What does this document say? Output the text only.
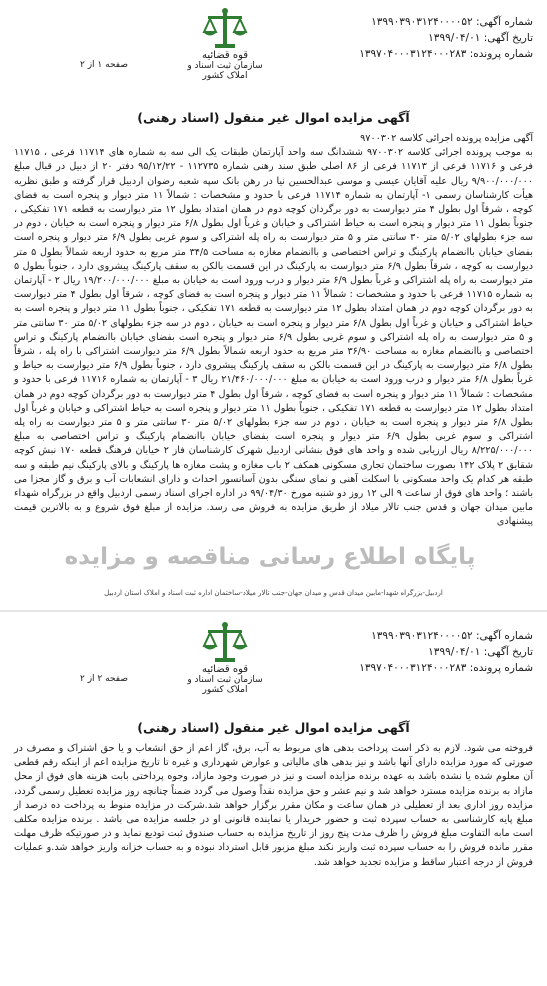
شماره آگهی: ۱۳۹۹۰۳۹۰۳۱۲۴۰۰۰۰۵۲
تاریخ آگهی: ۱۳۹۹/۰۴/۰۱
شماره پرونده: ۱۳۹۷۰۴۰۰۰۳۱۲۴۰۰۰۲۸۳
قوه قضائیه
سازمان ثبت اسناد و املاک کشور
صفحه ۱ از ۲
آگهی مزایده اموال غیر منقول (اسناد رهنی)

آگهی مزایده پرونده اجرائی کلاسه ۹۷۰۰۳۰۲

به موجب پرونده اجرائی کلاسه ۹۷۰۰۳۰۲ ششدانگ سه واحد آپارتمان طبقات یک الی سه به شماره های ۱۱۷۱۴ فرعی ، ۱۱۷۱۵ فرعی و ۱۱۷۱۶ فرعی از ۱۱۷۱۳ فرعی از ۸۶ اصلی طبق سند رهنی شماره ۱۱۲۷۳۵ - ۹۵/۱۲/۲۲ دفتر ۲۰ از دبیل در قبال مبلغ ۹/۹۰۰/۰۰۰/۰۰۰ ریال علیه آقایان عیسی و موسی عبدالحسین نیا در رهن بانک سپه شعبه رضوان اردبیل قرار گرفته و طبق نظریه هیأت کارشناسان رسمی ۱- آپارتمان به شماره ۱۱۷۱۴ فرعی با حدود و مشخصات : شمالاً ۱۱ متر دیوار و پنجره است به فضای کوچه ، شرقاً اول بطول ۴ متر دیوارست به دور برگردان کوچه دوم در همان امتداد بطول ۱۲ متر دیوارست به قطعه ۱۷۱ تفکیکی ، جنوباً بطول ۱۱ متر دیوار و پنجره است به حیاط اشتراکی و خیابان و غرباً اول بطول ۶/۸ متر دیوار و پنجره است به خیابان ، دوم در سه جزء بطولهای ۵/۰۲ متر ۳۰ سانتی متر و ۵ متر دیوارست به راه پله اشتراکی و سوم غربی بطول ۶/۹ متر دیوار و پنجره است بفضای خیابان باانضمام پارکینگ و تراس اختصاصی و باانضمام مغازه به مساحت ۳۴/۵ متر مربع به حدود اربعه شمالاً بطول ۵ متر دیوارست به کوچه ، شرقاً بطول ۶/۹ متر دیوارست به پارکینگ در این قسمت بالکن به سقف پارکینگ پیشروی دارد ، جنوباً بطول ۵ متر دیوارست به راه پله اشتراکی و غرباً بطول ۶/۹ متر دیوار و درب ورود است به خیابان به مبلغ ۱۹/۲۰۰/۰۰۰/۰۰۰ ریال ۲ - آپارتمان به شماره ۱۱۷۱۵ فرعی با حدود و مشخصات : شمالاً ۱۱ متر دیوار و پنجره است به فضای کوچه ، شرقاً اول بطول ۴ متر دیوارست به دور برگردان کوچه دوم در همان امتداد بطول ۱۲ متر دیوارست به قطعه ۱۷۱ تفکیکی ، جنوباً بطول ۱۱ متر دیوار و پنجره است به حیاط اشتراکی و خیابان و غرباً اول بطول ۶/۸ متر دیوار و پنجره است به خیابان ، دوم در سه جزء بطولهای ۵/۰۲ متر ۳۰ سانتی متر و ۵ متر دیوارست به راه پله اشتراکی و سوم غربی بطول ۶/۹ متر دیوار و پنجره است بفضای خیابان باانضمام پارکینگ و تراس اختصاصی و باانضمام مغازه به مساحت ۳۶/۹۰ متر مربع به حدود اربعه شمالاً بطول ۶/۹ متر دیوارست اشتراکی با راه پله ، شرقاً بطول ۶/۸ متر دیوارست به پارکینگ در این قسمت بالکن به سقف پارکینگ پیشروی دارد ، جنوباً بطول ۶/۹ متر دیوارست به حیاط و غرباً بطول ۶/۸ متر دیوار و درب ورود است به خیابان به مبلغ ۲۱/۴۶۰/۰۰۰/۰۰۰ ریال ۳ - آپارتمان به شماره ۱۱۷۱۶ فرعی با حدود و مشخصات : شمالاً ۱۱ متر دیوار و پنجره است به فضای کوچه ، شرقاً اول بطول ۴ متر دیوارست به دور برگردان کوچه دوم در همان امتداد بطول ۱۲ متر دیوارست به قطعه ۱۷۱ تفکیکی ، جنوباً بطول ۱۱ متر دیوار و پنجره است به حیاط اشتراکی و خیابان و غرباً اول بطول ۶/۸ متر دیوار و پنجره است به خیابان ، دوم در سه جزء بطولهای ۵/۰۲ متر ۳۰ سانتی متر و ۵ متر دیوارست به راه پله اشتراکی و سوم غربی بطول ۶/۹ متر دیوار و پنجره است بفضای خیابان باانضمام پارکینگ و تراس اختصاصی به مبلغ ۸/۲۲۵/۰۰۰/۰۰۰ ریال ارزیابی شده و واحد های فوق بنشانی اردبیل شهرک کارشناسان فاز ۲ خیابان فرهنگ قطعه ۱۷۰ نبش کوچه شقایق ۲ پلاک ۱۴۲ بصورت ساختمان تجاری مسکونی همکف ۲ باب مغازه و پشت مغازه ها پارکینگ و بالای پارکینگ نیم طبقه و سه طبقه هر کدام یک واحد مسکونی با اسکلت آهنی و نمای سنگی بدون آسانسور احداث و دارای انشعابات آب و برق و گاز مجزا می باشند ؛ واحد های فوق از ساعت ۹ الی ۱۲ روز دو شنبه مورخ ۹۹/۰۴/۳۰ در اداره اجرای اسناد رسمی اردبیل واقع در بزرگراه شهداء مابین میدان جهان و قدس جنب تالار میلاد از طریق مزایده به فروش می رسد. مزایده از مبلغ فوق شروع و به بالاترین قیمت پیشنهادی

پایگاه اطلاع رسانی مناقصه و مزایده
اردبیل-بزرگراه شهدا-مابین میدان قدس و میدان جهان-جنب تالار میلاد-ساختمان اداره ثبت اسناد و املاک استان اردبیل
شماره آگهی: ۱۳۹۹۰۳۹۰۳۱۲۴۰۰۰۰۵۲
تاریخ آگهی: ۱۳۹۹/۰۴/۰۱
شماره پرونده: ۱۳۹۷۰۴۰۰۰۳۱۲۴۰۰۰۲۸۳
قوه قضائیه
سازمان ثبت اسناد و املاک کشور
صفحه ۲ از ۲
آگهی مزایده اموال غیر منقول (اسناد رهنی)

فروخته می شود. لازم به ذکر است پرداخت بدهی های مربوط به آب، برق، گاز اعم از حق انشعاب و یا حق اشتراک و مصرف در صورتی که مورد مزایده دارای آنها باشد و نیز بدهی های مالیاتی و عوارض شهرداری و غیره تا تاریخ مزایده اعم از اینکه رقم قطعی آن معلوم شده یا نشده باشد به عهده برنده مزایده است و نیز در صورت وجود مازاد، وجوه پرداختی بابت هزینه های فوق از محل مازاد به برنده مزایده مسترد خواهد شد و نیم عشر و حق مزایده نقداً وصول می گردد ضمناً چنانچه روز مزایده تعطیل رسمی گردد، مزایده روز اداری بعد از تعطیلی در همان ساعت و مکان مقرر برگزار خواهد شد.شرکت در مزایده منوط به پرداخت ده درصد از مبلغ پایه کارشناسی به حساب سپرده ثبت و حضور خریدار یا نماینده قانونی او در جلسه مزایده می باشد . برنده مزایده مکلف است مابه التفاوت مبلغ فروش را ظرف مدت پنج روز از تاریخ مزایده به حساب صندوق ثبت تودیع نماید و در صورتیکه ظرف مهلت مقرر مانده فروش را به حساب سپرده ثبت واریز نکند مبلغ مزبور قابل استرداد نبوده و به حساب خزانه واریز خواهد شد.و عملیات فروش از درجه اعتبار ساقط و مزایده تجدید خواهد شد.
